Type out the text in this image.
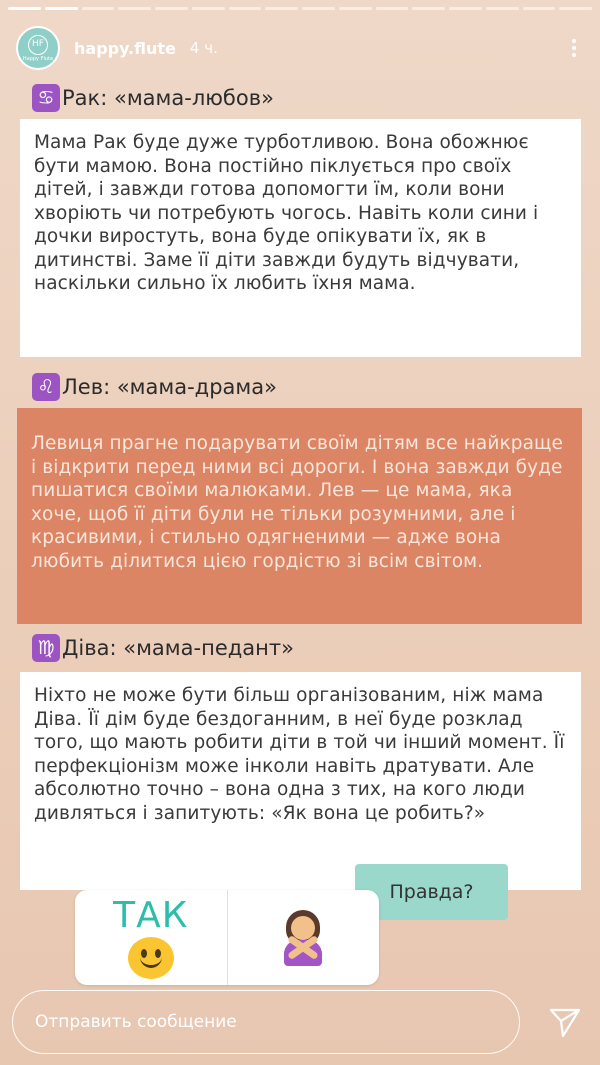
HF
Happy Flute
happy.flute 4 ч.
♋ Рак: «мама-любов»
Мама Рак буде дуже турботливою. Вона обожнює бути мамою. Вона постійно піклується про своїх дітей, і завжди готова допомогти їм, коли вони хворіють чи потребують чогось. Навіть коли сини і дочки виростуть, вона буде опікувати їх, як в дитинстві. Заме її діти завжди будуть відчувати, наскільки сильно їх любить їхня мама.
♌ Лев: «мама-драма»
Левиця прагне подарувати своїм дітям все найкраще і відкрити перед ними всі дороги. І вона завжди буде пишатися своїми малюками. Лев — це мама, яка хоче, щоб її діти були не тільки розумними, але і красивими, і стильно одягненими — адже вона любить ділитися цією гордістю зі всім світом.
♍ Діва: «мама-педант»
Ніхто не може бути більш організованим, ніж мама Діва. Її дім буде бездоганним, в неї буде розклад того, що мають робити діти в той чи інший момент. Її перфекціонізм може інколи навіть дратувати. Але абсолютно точно – вона одна з тих, на кого люди дивляться і запитують: «Як вона це робить?»
Правда?
ТАК
Отправить сообщение
